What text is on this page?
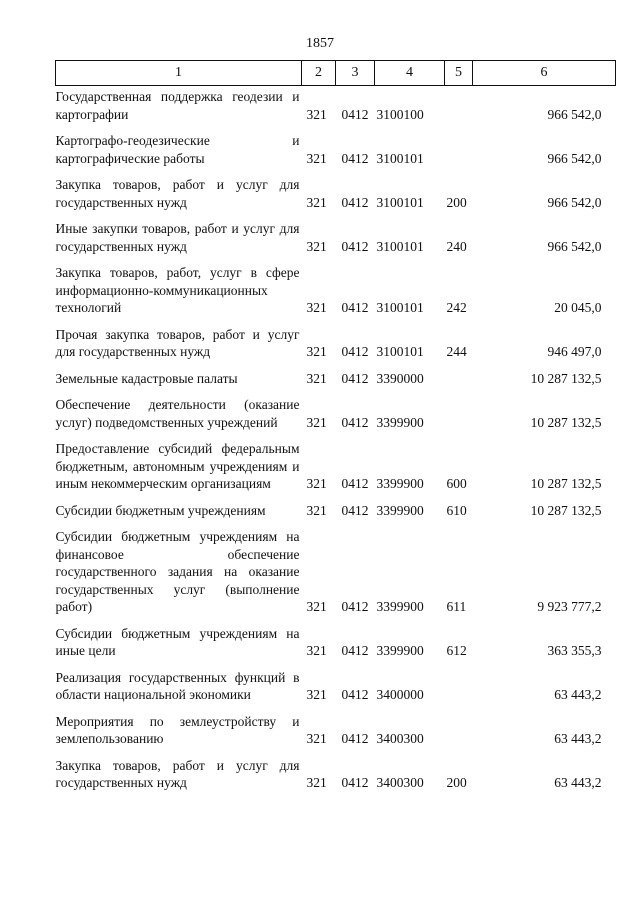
1857
1	2	3	4	5	6
Государственная поддержка геодезии и картографии	321	0412	3100100		966 542,0
Картографо-геодезические и картографические работы	321	0412	3100101		966 542,0
Закупка товаров, работ и услуг для государственных нужд	321	0412	3100101	200	966 542,0
Иные закупки товаров, работ и услуг для государственных нужд	321	0412	3100101	240	966 542,0
Закупка товаров, работ, услуг в сфере информационно-коммуникационных технологий	321	0412	3100101	242	20 045,0
Прочая закупка товаров, работ и услуг для государственных нужд	321	0412	3100101	244	946 497,0
Земельные кадастровые палаты	321	0412	3390000		10 287 132,5
Обеспечение деятельности (оказание услуг) подведомственных учреждений	321	0412	3399900		10 287 132,5
Предоставление субсидий федеральным бюджетным, автономным учреждениям и иным некоммерческим организациям	321	0412	3399900	600	10 287 132,5
Субсидии бюджетным учреждениям	321	0412	3399900	610	10 287 132,5
Субсидии бюджетным учреждениям на финансовое обеспечение государственного задания на оказание государственных услуг (выполнение работ)	321	0412	3399900	611	9 923 777,2
Субсидии бюджетным учреждениям на иные цели	321	0412	3399900	612	363 355,3
Реализация государственных функций в области национальной экономики	321	0412	3400000		63 443,2
Мероприятия по землеустройству и землепользованию	321	0412	3400300		63 443,2
Закупка товаров, работ и услуг для государственных нужд	321	0412	3400300	200	63 443,2
